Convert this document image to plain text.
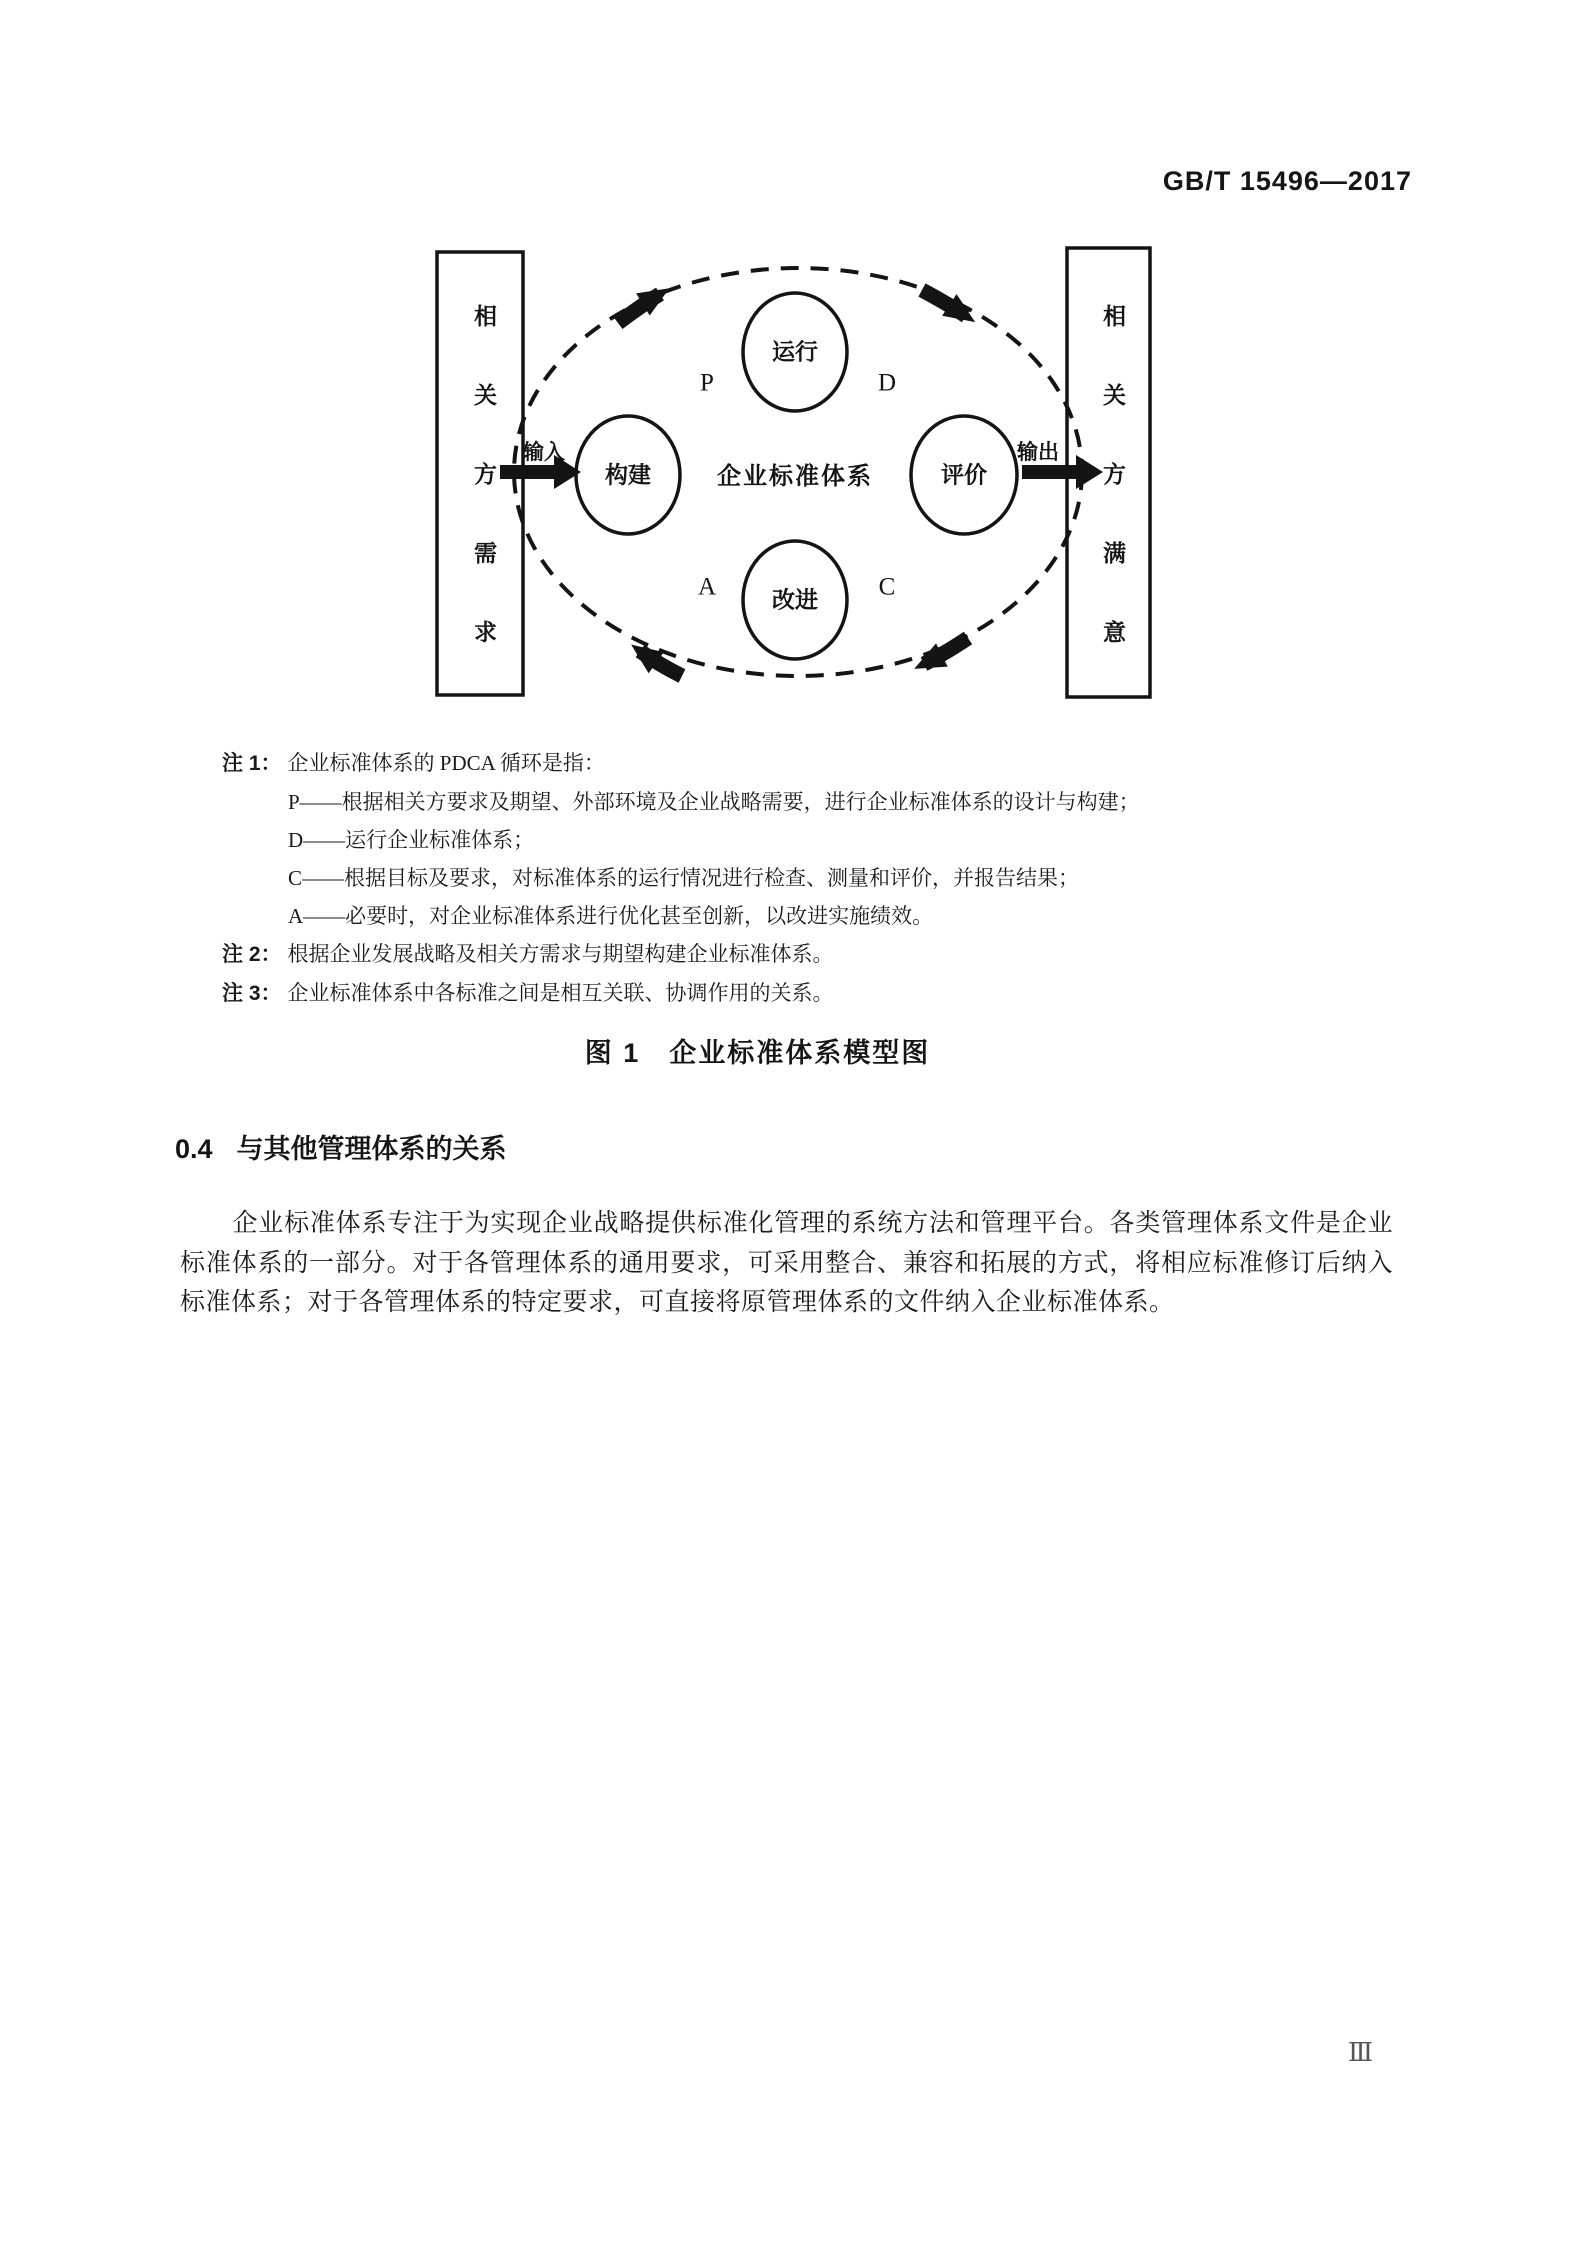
GB/T 15496—2017
运行
构建	评价
改进
企业标准体系
P	D
A	C
输入	输出
相关方需求	相关方满意
注 1： 企业标准体系的 PDCA 循环是指：
P——根据相关方要求及期望、外部环境及企业战略需要，进行企业标准体系的设计与构建；
D——运行企业标准体系；
C——根据目标及要求，对标准体系的运行情况进行检查、测量和评价，并报告结果；
A——必要时，对企业标准体系进行优化甚至创新，以改进实施绩效。
注 2： 根据企业发展战略及相关方需求与期望构建企业标准体系。
注 3： 企业标准体系中各标准之间是相互关联、协调作用的关系。
图 1　企业标准体系模型图
0.4 与其他管理体系的关系
企业标准体系专注于为实现企业战略提供标准化管理的系统方法和管理平台。各类管理体系文件是企业标准体系的一部分。对于各管理体系的通用要求，可采用整合、兼容和拓展的方式，将相应标准修订后纳入标准体系；对于各管理体系的特定要求，可直接将原管理体系的文件纳入企业标准体系。
Ⅲ
